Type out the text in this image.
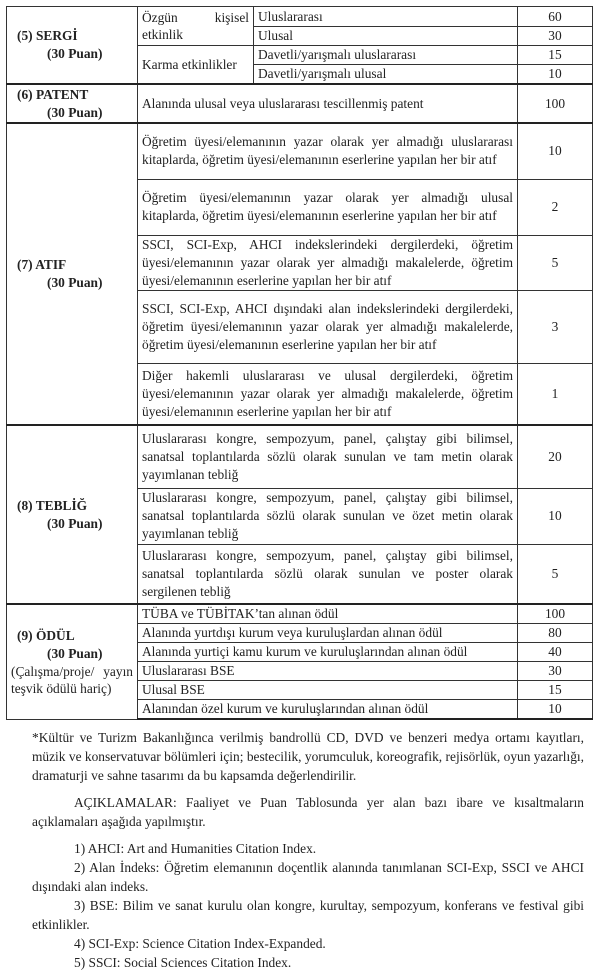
(5) SERGİ
(30 Puan)	Özgün kişisel etkinlik	Uluslararası	60
		Ulusal	30
	Karma etkinlikler	Davetli/yarışmalı uluslararası	15
		Davetli/yarışmalı ulusal	10
(6) PATENT
(30 Puan)	Alanında ulusal veya uluslararası tescillenmiş patent		100
(7) ATIF
(30 Puan)	Öğretim üyesi/elemanının yazar olarak yer almadığı uluslararası kitaplarda, öğretim üyesi/elemanının eserlerine yapılan her bir atıf		10
	Öğretim üyesi/elemanının yazar olarak yer almadığı ulusal kitaplarda, öğretim üyesi/elemanının eserlerine yapılan her bir atıf		2
	SSCI, SCI-Exp, AHCI indekslerindeki dergilerdeki, öğretim üyesi/elemanının yazar olarak yer almadığı makalelerde, öğretim üyesi/elemanının eserlerine yapılan her bir atıf		5
	SSCI, SCI-Exp, AHCI dışındaki alan indekslerindeki dergilerdeki, öğretim üyesi/elemanının yazar olarak yer almadığı makalelerde, öğretim üyesi/elemanının eserlerine yapılan her bir atıf		3
	Diğer hakemli uluslararası ve ulusal dergilerdeki, öğretim üyesi/elemanının yazar olarak yer almadığı makalelerde, öğretim üyesi/elemanının eserlerine yapılan her bir atıf		1
(8) TEBLİĞ
(30 Puan)	Uluslararası kongre, sempozyum, panel, çalıştay gibi bilimsel, sanatsal toplantılarda sözlü olarak sunulan ve tam metin olarak yayımlanan tebliğ		20
	Uluslararası kongre, sempozyum, panel, çalıştay gibi bilimsel, sanatsal toplantılarda sözlü olarak sunulan ve özet metin olarak yayımlanan tebliğ		10
	Uluslararası kongre, sempozyum, panel, çalıştay gibi bilimsel, sanatsal toplantılarda sözlü olarak sunulan ve poster olarak sergilenen tebliğ		5
(9) ÖDÜL
(30 Puan)
(Çalışma/proje/ yayın teşvik ödülü hariç)	TÜBA ve TÜBİTAK’tan alınan ödül		100
	Alanında yurtdışı kurum veya kuruluşlardan alınan ödül		80
	Alanında yurtiçi kamu kurum ve kuruluşlarından alınan ödül		40
	Uluslararası BSE		30
	Ulusal BSE		15
	Alanından özel kurum ve kuruluşlarından alınan ödül		10

*Kültür ve Turizm Bakanlığınca verilmiş bandrollü CD, DVD ve benzeri medya ortamı kayıtları, müzik ve konservatuvar bölümleri için; bestecilik, yorumculuk, koreografik, rejisörlük, oyun yazarlığı, dramaturji ve sahne tasarımı da bu kapsamda değerlendirilir.

AÇIKLAMALAR: Faaliyet ve Puan Tablosunda yer alan bazı ibare ve kısaltmaların açıklamaları aşağıda yapılmıştır.

1) AHCI: Art and Humanities Citation Index.

2) Alan İndeks: Öğretim elemanının doçentlik alanında tanımlanan SCI-Exp, SSCI ve AHCI dışındaki alan indeks.

3) BSE: Bilim ve sanat kurulu olan kongre, kurultay, sempozyum, konferans ve festival gibi etkinlikler.

4) SCI-Exp: Science Citation Index-Expanded.

5) SSCI: Social Sciences Citation Index.
